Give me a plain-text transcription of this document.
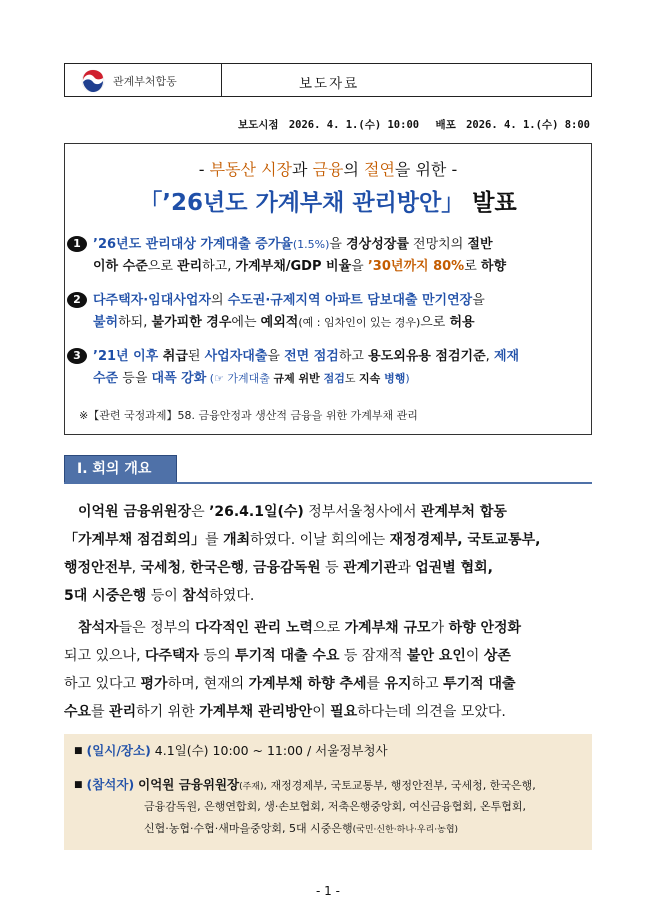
관계부처합동	보도자료
보도시점 2026. 4. 1.(수) 10:00 배포 2026. 4. 1.(수) 8:00
- 부동산 시장과 금융의 절연을 위한 -
「’26년도 가계부채 관리방안」 발표
1 ’26년도 관리대상 가계대출 증가율(1.5%)을 경상성장률 전망치의 절반
이하 수준으로 관리하고, 가계부채/GDP 비율을 ’30년까지 80%로 하향
2 다주택자·임대사업자의 수도권·규제지역 아파트 담보대출 만기연장을
불허하되, 불가피한 경우에는 예외적(예 : 임차인이 있는 경우)으로 허용
3 ’21년 이후 취급된 사업자대출을 전면 점검하고 용도외유용 점검기준, 제재
수준 등을 대폭 강화 (☞ 가계대출 규제 위반 점검도 지속 병행)
※【관련 국정과제】58. 금융안정과 생산적 금융을 위한 가계부채 관리
Ⅰ. 회의 개요
이억원 금융위원장은 ’26.4.1일(수) 정부서울청사에서 관계부처 합동
「가계부채 점검회의」를 개최하였다. 이날 회의에는 재정경제부, 국토교통부,
행정안전부, 국세청, 한국은행, 금융감독원 등 관계기관과 업권별 협회,
5대 시중은행 등이 참석하였다.
참석자들은 정부의 다각적인 관리 노력으로 가계부채 규모가 하향 안정화
되고 있으나, 다주택자 등의 투기적 대출 수요 등 잠재적 불안 요인이 상존
하고 있다고 평가하며, 현재의 가계부채 하향 추세를 유지하고 투기적 대출
수요를 관리하기 위한 가계부채 관리방안이 필요하다는데 의견을 모았다.
■ (일시/장소) 4.1일(수) 10:00 ~ 11:00 / 서울정부청사
■ (참석자) 이억원 금융위원장(주재), 재정경제부, 국토교통부, 행정안전부, 국세청, 한국은행,
금융감독원, 은행연합회, 생·손보협회, 저축은행중앙회, 여신금융협회, 온투협회,
신협·농협·수협·새마을중앙회, 5대 시중은행(국민·신한·하나·우리·농협)
- 1 -
